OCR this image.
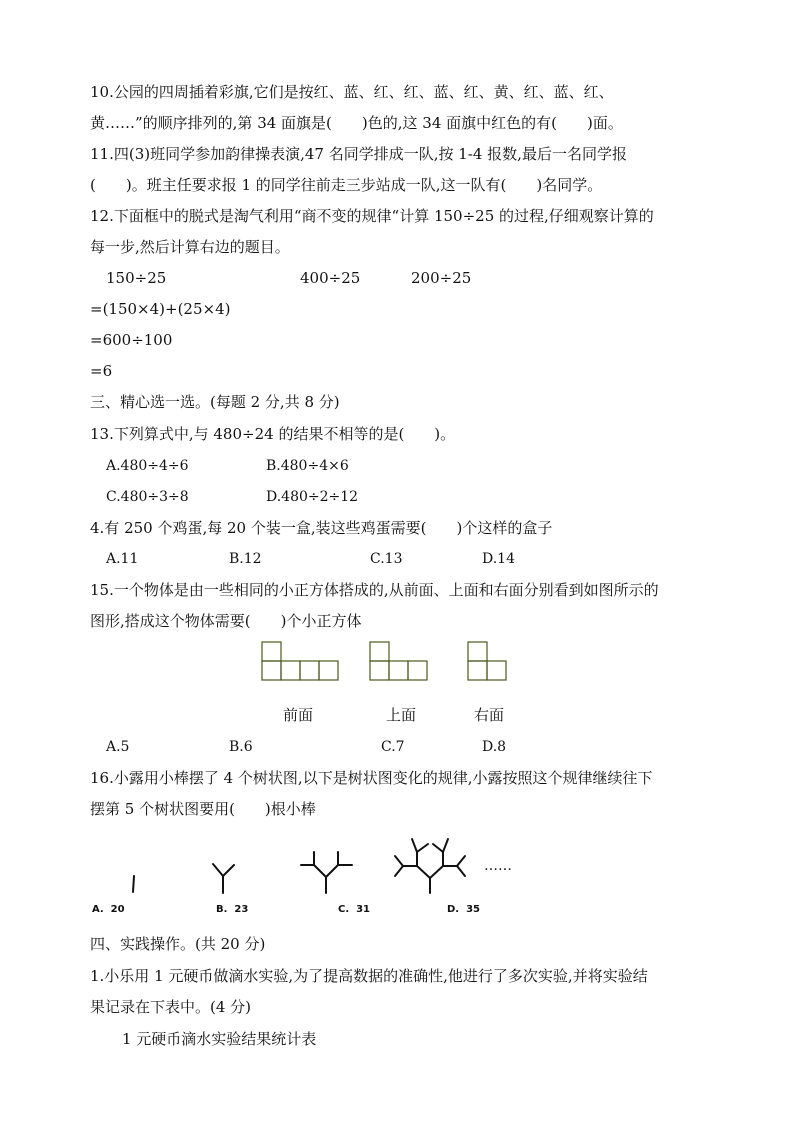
10.公园的四周插着彩旗,它们是按红、蓝、红、红、蓝、红、黄、红、蓝、红、
黄……”的顺序排列的,第 34 面旗是(　　)色的,这 34 面旗中红色的有(　　)面。
11.四(3)班同学参加韵律操表演,47 名同学排成一队,按 1-4 报数,最后一名同学报
(　　)。班主任要求报 1 的同学往前走三步站成一队,这一队有(　　)名同学。
12.下面框中的脱式是淘气利用“商不变的规律“计算 150÷25 的过程,仔细观察计算的
每一步,然后计算右边的题目。
150÷25	400÷25	200÷25
=(150×4)+(25×4)
=600÷100
=6
三、精心选一选。(每题 2 分,共 8 分)
13.下列算式中,与 480÷24 的结果不相等的是(　　)。
A.480÷4÷6	B.480÷4×6
C.480÷3÷8	D.480÷2÷12
4.有 250 个鸡蛋,每 20 个装一盒,装这些鸡蛋需要(　　)个这样的盒子
A.11	B.12	C.13	D.14
15.一个物体是由一些相同的小正方体搭成的,从前面、上面和右面分别看到如图所示的
图形,搭成这个物体需要(　　)个小正方体
前面	上面	右面
A.5	B.6	C.7	D.8
16.小露用小棒摆了 4 个树状图,以下是树状图变化的规律,小露按照这个规律继续往下
摆第 5 个树状图要用(　　)根小棒
……
A.  20	B.  23	C.  31	D.  35
四、实践操作。(共 20 分)
1.小乐用 1 元硬币做滴水实验,为了提高数据的准确性,他进行了多次实验,并将实验结
果记录在下表中。(4 分)
1 元硬币滴水实验结果统计表
